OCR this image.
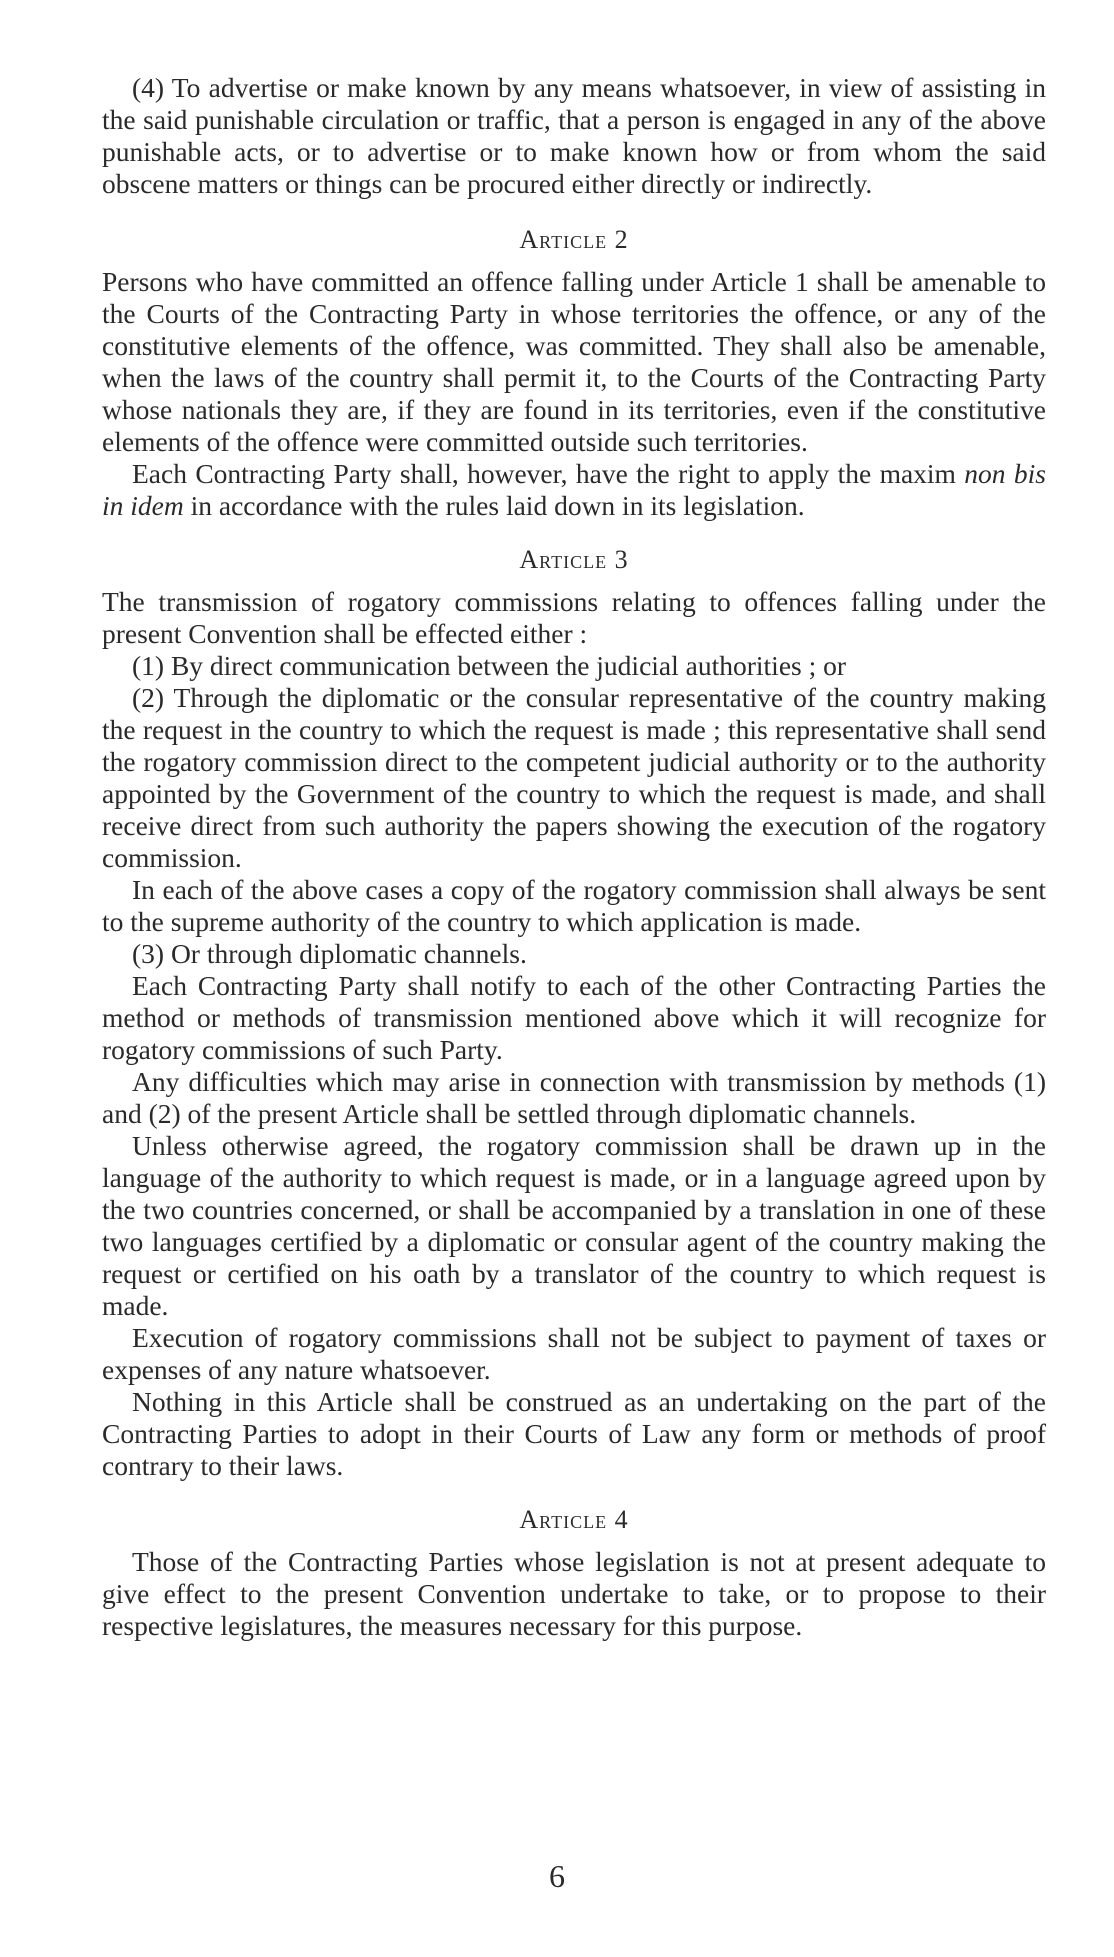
(4) To advertise or make known by any means whatsoever, in view of assisting in the said punishable circulation or traffic, that a person is engaged in any of the above punishable acts, or to advertise or to make known how or from whom the said obscene matters or things can be procured either directly or indirectly.

Article 2

Persons who have committed an offence falling under Article 1 shall be amenable to the Courts of the Contracting Party in whose territories the offence, or any of the constitutive elements of the offence, was committed. They shall also be amenable, when the laws of the country shall permit it, to the Courts of the Contracting Party whose nationals they are, if they are found in its territories, even if the constitutive elements of the offence were committed outside such territories.

Each Contracting Party shall, however, have the right to apply the maxim non bis in idem in accordance with the rules laid down in its legislation.

Article 3

The transmission of rogatory commissions relating to offences falling under the present Convention shall be effected either :

(1) By direct communication between the judicial authorities ; or

(2) Through the diplomatic or the consular representative of the country making the request in the country to which the request is made ; this representative shall send the rogatory commission direct to the competent judicial authority or to the authority appointed by the Government of the country to which the request is made, and shall receive direct from such authority the papers showing the execution of the rogatory commission.

In each of the above cases a copy of the rogatory commission shall always be sent to the supreme authority of the country to which application is made.

(3) Or through diplomatic channels.

Each Contracting Party shall notify to each of the other Contracting Parties the method or methods of transmission mentioned above which it will recognize for rogatory commissions of such Party.

Any difficulties which may arise in connection with transmission by methods (1) and (2) of the present Article shall be settled through diplomatic channels.

Unless otherwise agreed, the rogatory commission shall be drawn up in the language of the authority to which request is made, or in a language agreed upon by the two countries concerned, or shall be accompanied by a translation in one of these two languages certified by a diplomatic or consular agent of the country making the request or certified on his oath by a translator of the country to which request is made.

Execution of rogatory commissions shall not be subject to payment of taxes or expenses of any nature whatsoever.

Nothing in this Article shall be construed as an undertaking on the part of the Contracting Parties to adopt in their Courts of Law any form or methods of proof contrary to their laws.

Article 4

Those of the Contracting Parties whose legislation is not at present adequate to give effect to the present Convention undertake to take, or to propose to their respective legislatures, the measures necessary for this purpose.

6
